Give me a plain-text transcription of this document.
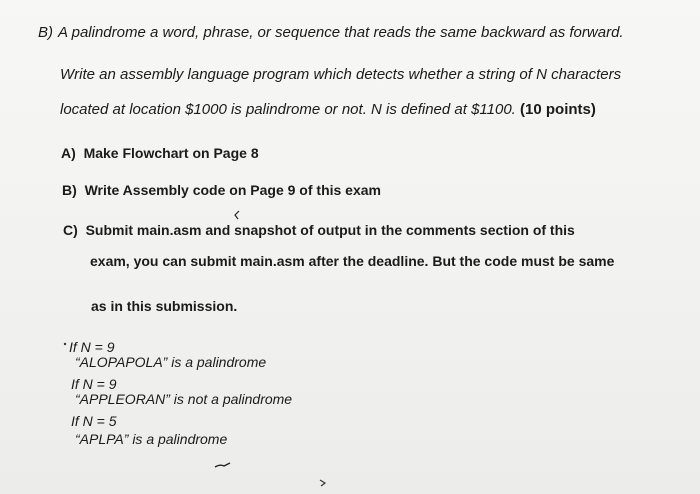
B) A palindrome a word, phrase, or sequence that reads the same backward as forward.
Write an assembly language program which detects whether a string of N characters
located at location $1000 is palindrome or not. N is defined at $1100. (10 points)
A) Make Flowchart on Page 8
B) Write Assembly code on Page 9 of this exam
C) Submit main.asm and snapshot of output in the comments section of this
exam, you can submit main.asm after the deadline. But the code must be same
as in this submission.
If N = 9
“ALOPAPOLA” is a palindrome
If N = 9
“APPLEORAN” is not a palindrome
If N = 5
“APLPA” is a palindrome
